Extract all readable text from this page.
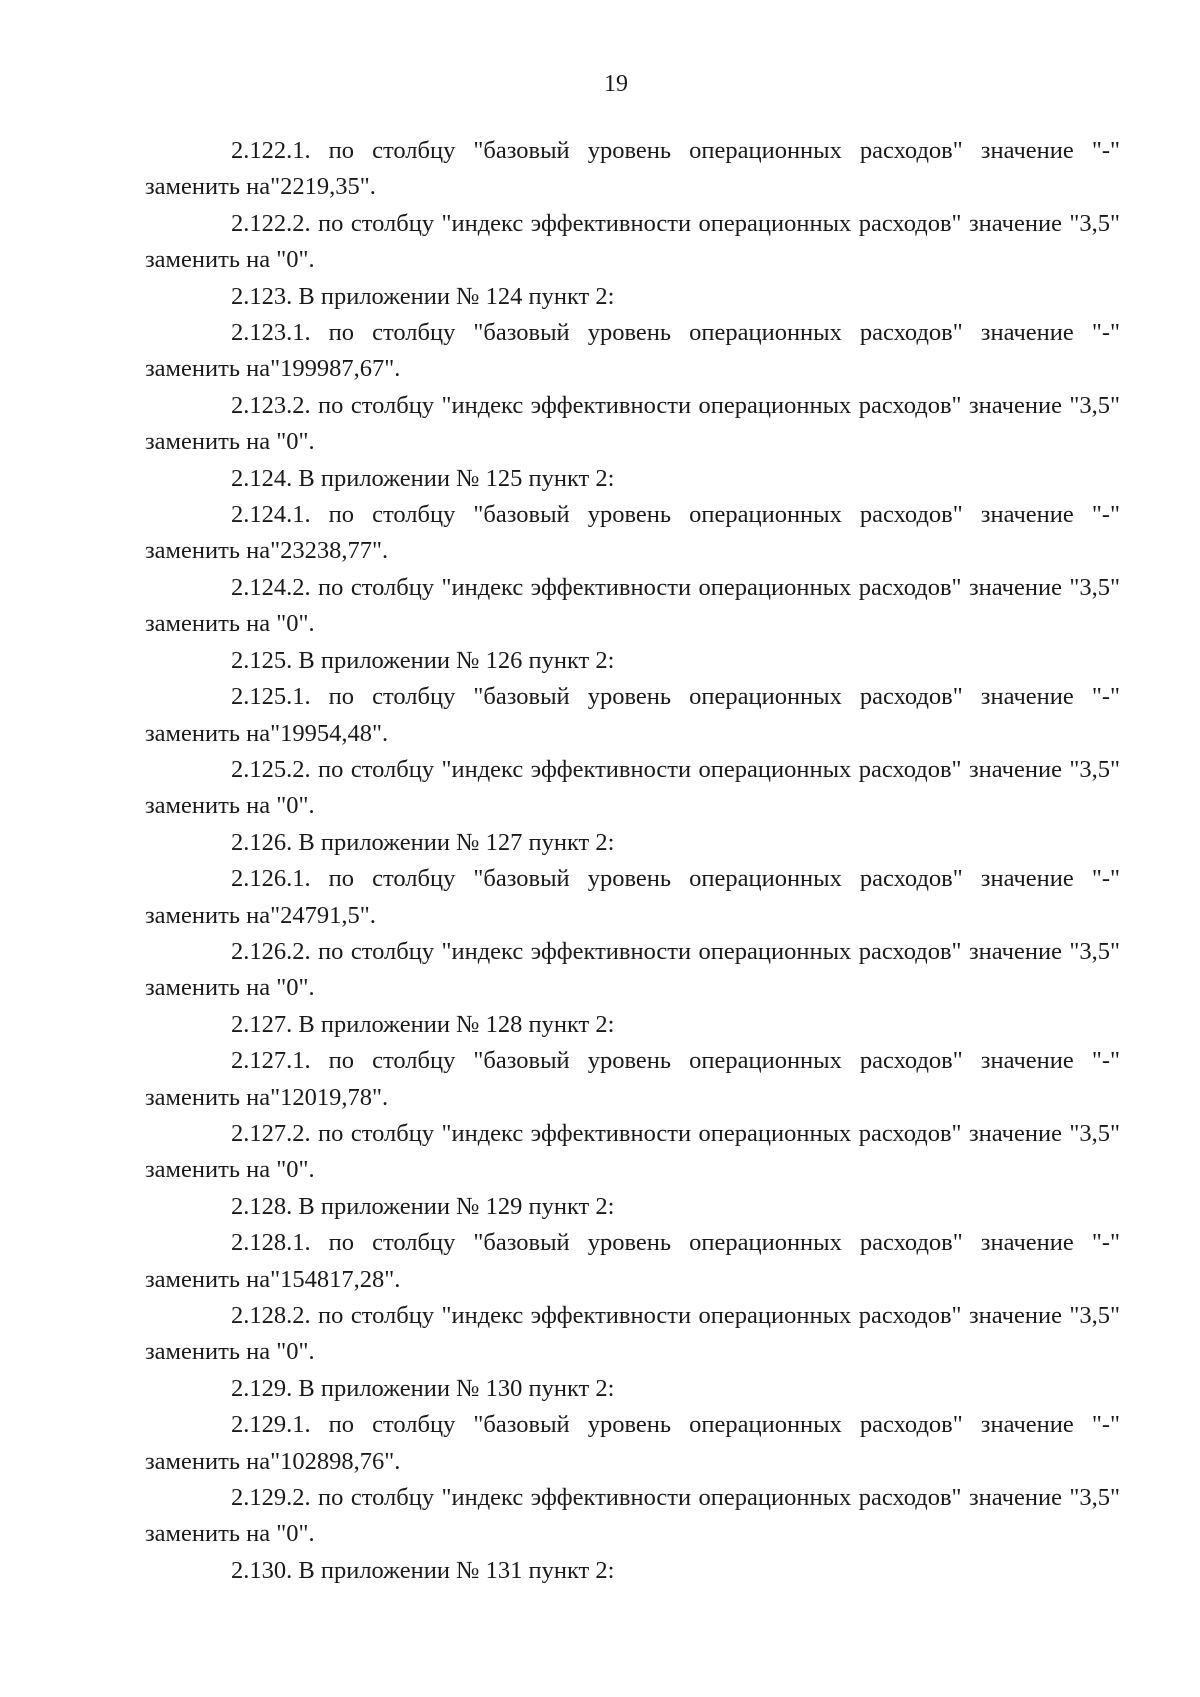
19

2.122.1. по столбцу "базовый уровень операционных расходов" значение "-" заменить на"2219,35".

2.122.2. по столбцу "индекс эффективности операционных расходов" значение "3,5" заменить на "0".

2.123. В приложении № 124 пункт 2:

2.123.1. по столбцу "базовый уровень операционных расходов" значение "-" заменить на"199987,67".

2.123.2. по столбцу "индекс эффективности операционных расходов" значение "3,5" заменить на "0".

2.124. В приложении № 125 пункт 2:

2.124.1. по столбцу "базовый уровень операционных расходов" значение "-" заменить на"23238,77".

2.124.2. по столбцу "индекс эффективности операционных расходов" значение "3,5" заменить на "0".

2.125. В приложении № 126 пункт 2:

2.125.1. по столбцу "базовый уровень операционных расходов" значение "-" заменить на"19954,48".

2.125.2. по столбцу "индекс эффективности операционных расходов" значение "3,5" заменить на "0".

2.126. В приложении № 127 пункт 2:

2.126.1. по столбцу "базовый уровень операционных расходов" значение "-" заменить на"24791,5".

2.126.2. по столбцу "индекс эффективности операционных расходов" значение "3,5" заменить на "0".

2.127. В приложении № 128 пункт 2:

2.127.1. по столбцу "базовый уровень операционных расходов" значение "-" заменить на"12019,78".

2.127.2. по столбцу "индекс эффективности операционных расходов" значение "3,5" заменить на "0".

2.128. В приложении № 129 пункт 2:

2.128.1. по столбцу "базовый уровень операционных расходов" значение "-" заменить на"154817,28".

2.128.2. по столбцу "индекс эффективности операционных расходов" значение "3,5" заменить на "0".

2.129. В приложении № 130 пункт 2:

2.129.1. по столбцу "базовый уровень операционных расходов" значение "-" заменить на"102898,76".

2.129.2. по столбцу "индекс эффективности операционных расходов" значение "3,5" заменить на "0".

2.130. В приложении № 131 пункт 2:
